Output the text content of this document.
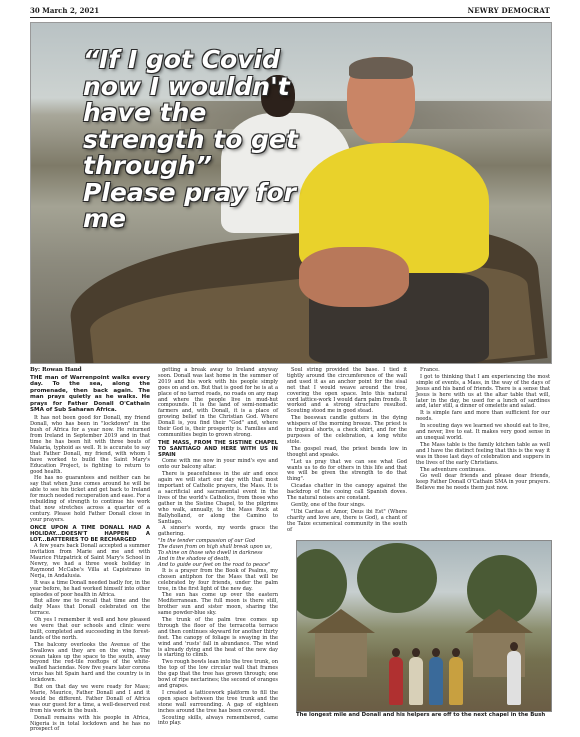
30 March 2, 2021	NEWRY DEMOCRAT

“If I got Covid now I wouldn't have the strength to get through” Please pray for me

By: Rowan Hand

THE man of Warrenpoint walks every day. To the sea, along the promenade, then back again. The man prays quietly as he walks. He prays for Father Donall O'Cathain SMA of Sub Saharan Africa.

It has not been good for Donall, my friend Donall, who has been in "lockdown" in the bush of Africa for a year now. He returned from Ireland in September 2019 and in that time he has been hit with three bouts of Malaria, typhoid as well. It is accurate to say that Father Donall, my friend, with whom I have worked to build the Saint Mary's Education Project, is fighting to return to good health.

He has no guarantees and neither can he say that when June comes around he will be able to see his ticket and get back to Ireland for much needed recuperation and ease. For a rebuilding of strength to continue his work that now stretches across a quarter of a century. Please hold Father Donall close in your prayers.

ONCE UPON A TIME DONALL HAD A HOLIDAY...DOESN'T HAPPEN A LOT...BATTERIES TO BE RECHARGED

A few years back Donall accepted a summer invitation from Marie and me and with Maurice Fitzpatrick of Saint Mary's School in Newry, we had a three week holiday in Raymond McCabe's Villa at Capistrano in Nerja, in Andalusia.

It was a time Donall needed badly for, in the year before, he had worked himself into other episodes of poor health in Africa.

But allow me to recall that time and the daily Mass that Donall celebrated on the terrace.

Oh yes I remember it well and how pleased we were that our schools and clinic were built, completed and succeeding in the forest-lands of the north.

The balcony overlooks the Avenue of the Swallows and they are on the wing. The ocean takes up the space to the south, away beyond the red-tile rooftops of the white-walled haciendas. Now five years later corona virus has hit Spain hard and the country is in lockdown.

But on that day we were ready for Mass; Marie, Maurice, Father Donall and I and it would be different. Father Donall of Africa was our guest for a time, a well-deserved rest from his work in the bush.

Donall remains with his people in Africa, Nigeria is in total lockdown and he has no prospect of

getting a break away to Ireland anyway soon. Donall was last home in the summer of 2019 and his work with his people simply goes on and on. But that is good for he is at a place of no tarred roads, no roads on any map and where the people live in mud-hut compounds. It is the land of semi-nomadic farmers and, with Donall, it is a place of growing belief in the Christian God. Where Donall is, you find their "God" and, where their God is, their prosperity is. Families and communities begin to grown strong.

THE MASS, FROM THE SISTINE CHAPEL TO SANTIAGO AND HERE WITH US IN SPAIN

Come with me now in your mind's eye and onto our balcony altar.

There is peacefulness in the air and once again we will start our day with that most important of Catholic prayers, the Mass. It is a sacrificial and sacramental event in the lives of the world's Catholics, from those who gather in the Sistine Chapel, to the pilgrims who walk, annually, to the Mass Rock at Ballyholland, or along the Camino to Santiago.

A sinner's words, my words grace the gathering.

"In the tender compassion of our God

The dawn from on high shall break upon us,

To shine on those who dwell in darkness

And in the shadow of death,

And to guide our feet on the road to peace"

It is a prayer from the Book of Psalms, my chosen antiphon for the Mass that will be celebrated by four friends, under the palm tree, in the first light of the new day.

The sun has come up over the eastern Mediterranean. The full moon is there still, brother sun and sister moon, sharing the same powder-blue sky.

The trunk of the palm tree comes up through the floor of the terracotta terrace and then continues skyward for another thirty feet. The canopy of foliage is swaying in the wind and 'rusts' fall in abundance. The wind is already dying and the heat of the new day is starting to climb.

Two rough bowls lean into the tree trunk, on the top of the low circular wall that frames the gap that the tree has grown through; one bowl of ripe nectarines; the second of oranges and grapes.

I created a latticework platform to fill the open space between the tree trunk and the stone wall surrounding. A gap of eighteen inches around the tree has been covered.

Scouting skills, always remembered, came into play.

Soul string provided the base. I tied it tightly around the circumference of the wall and used it as an anchor point for the sisal net that I would weave around the tree, covering the open space. Into this natural cord lattice-work I would darn palm fronds. It worked and a strong structure resulted. Scouting stood me in good stead.

The beeswax candle gutters in the dying whispers of the morning breeze. The priest is in tropical shorts, a check shirt, and for the purposes of the celebration, a long white stole.

The gospel read, the priest bends low in thought and speaks.

"Let us pray that we can see what God wants us to do for others in this life and that we will be given the strength to do that thing".

Cicadas chatter in the canopy against the backdrop of the cooing call Spanish doves. The natural noises are constant.

Gently, one of the four sings.

"Ubi Caritas et Amor, Deus ibi Est" (Where charity and love are, there is God), a chant of the Taize ecumenical community in the south of

France.

I got to thinking that I am experiencing the most simple of events, a Mass, in the way of the days of Jesus and his band of friends. There is a sense that Jesus is here with us at the altar table that will, later in the day, be used for a lunch of sardines and, later still, a dinner of omelette and salad.

It is simple fare and more than sufficient for our needs.

In scouting days we learned we should eat to live, and never, live to eat. It makes very good sense in an unequal world.

The Mass table is the family kitchen table as well and I have the distinct feeling that this is the way it was in those last days of celebration and suppers in the lives of the early Christians.

The adventure continues.

Go well dear friends and please dear friends, keep Father Donall O'Cathain SMA in your prayers. Believe me he needs them just now.

The longest mile and Donall and his helpers are off to the next chapel in the Bush
